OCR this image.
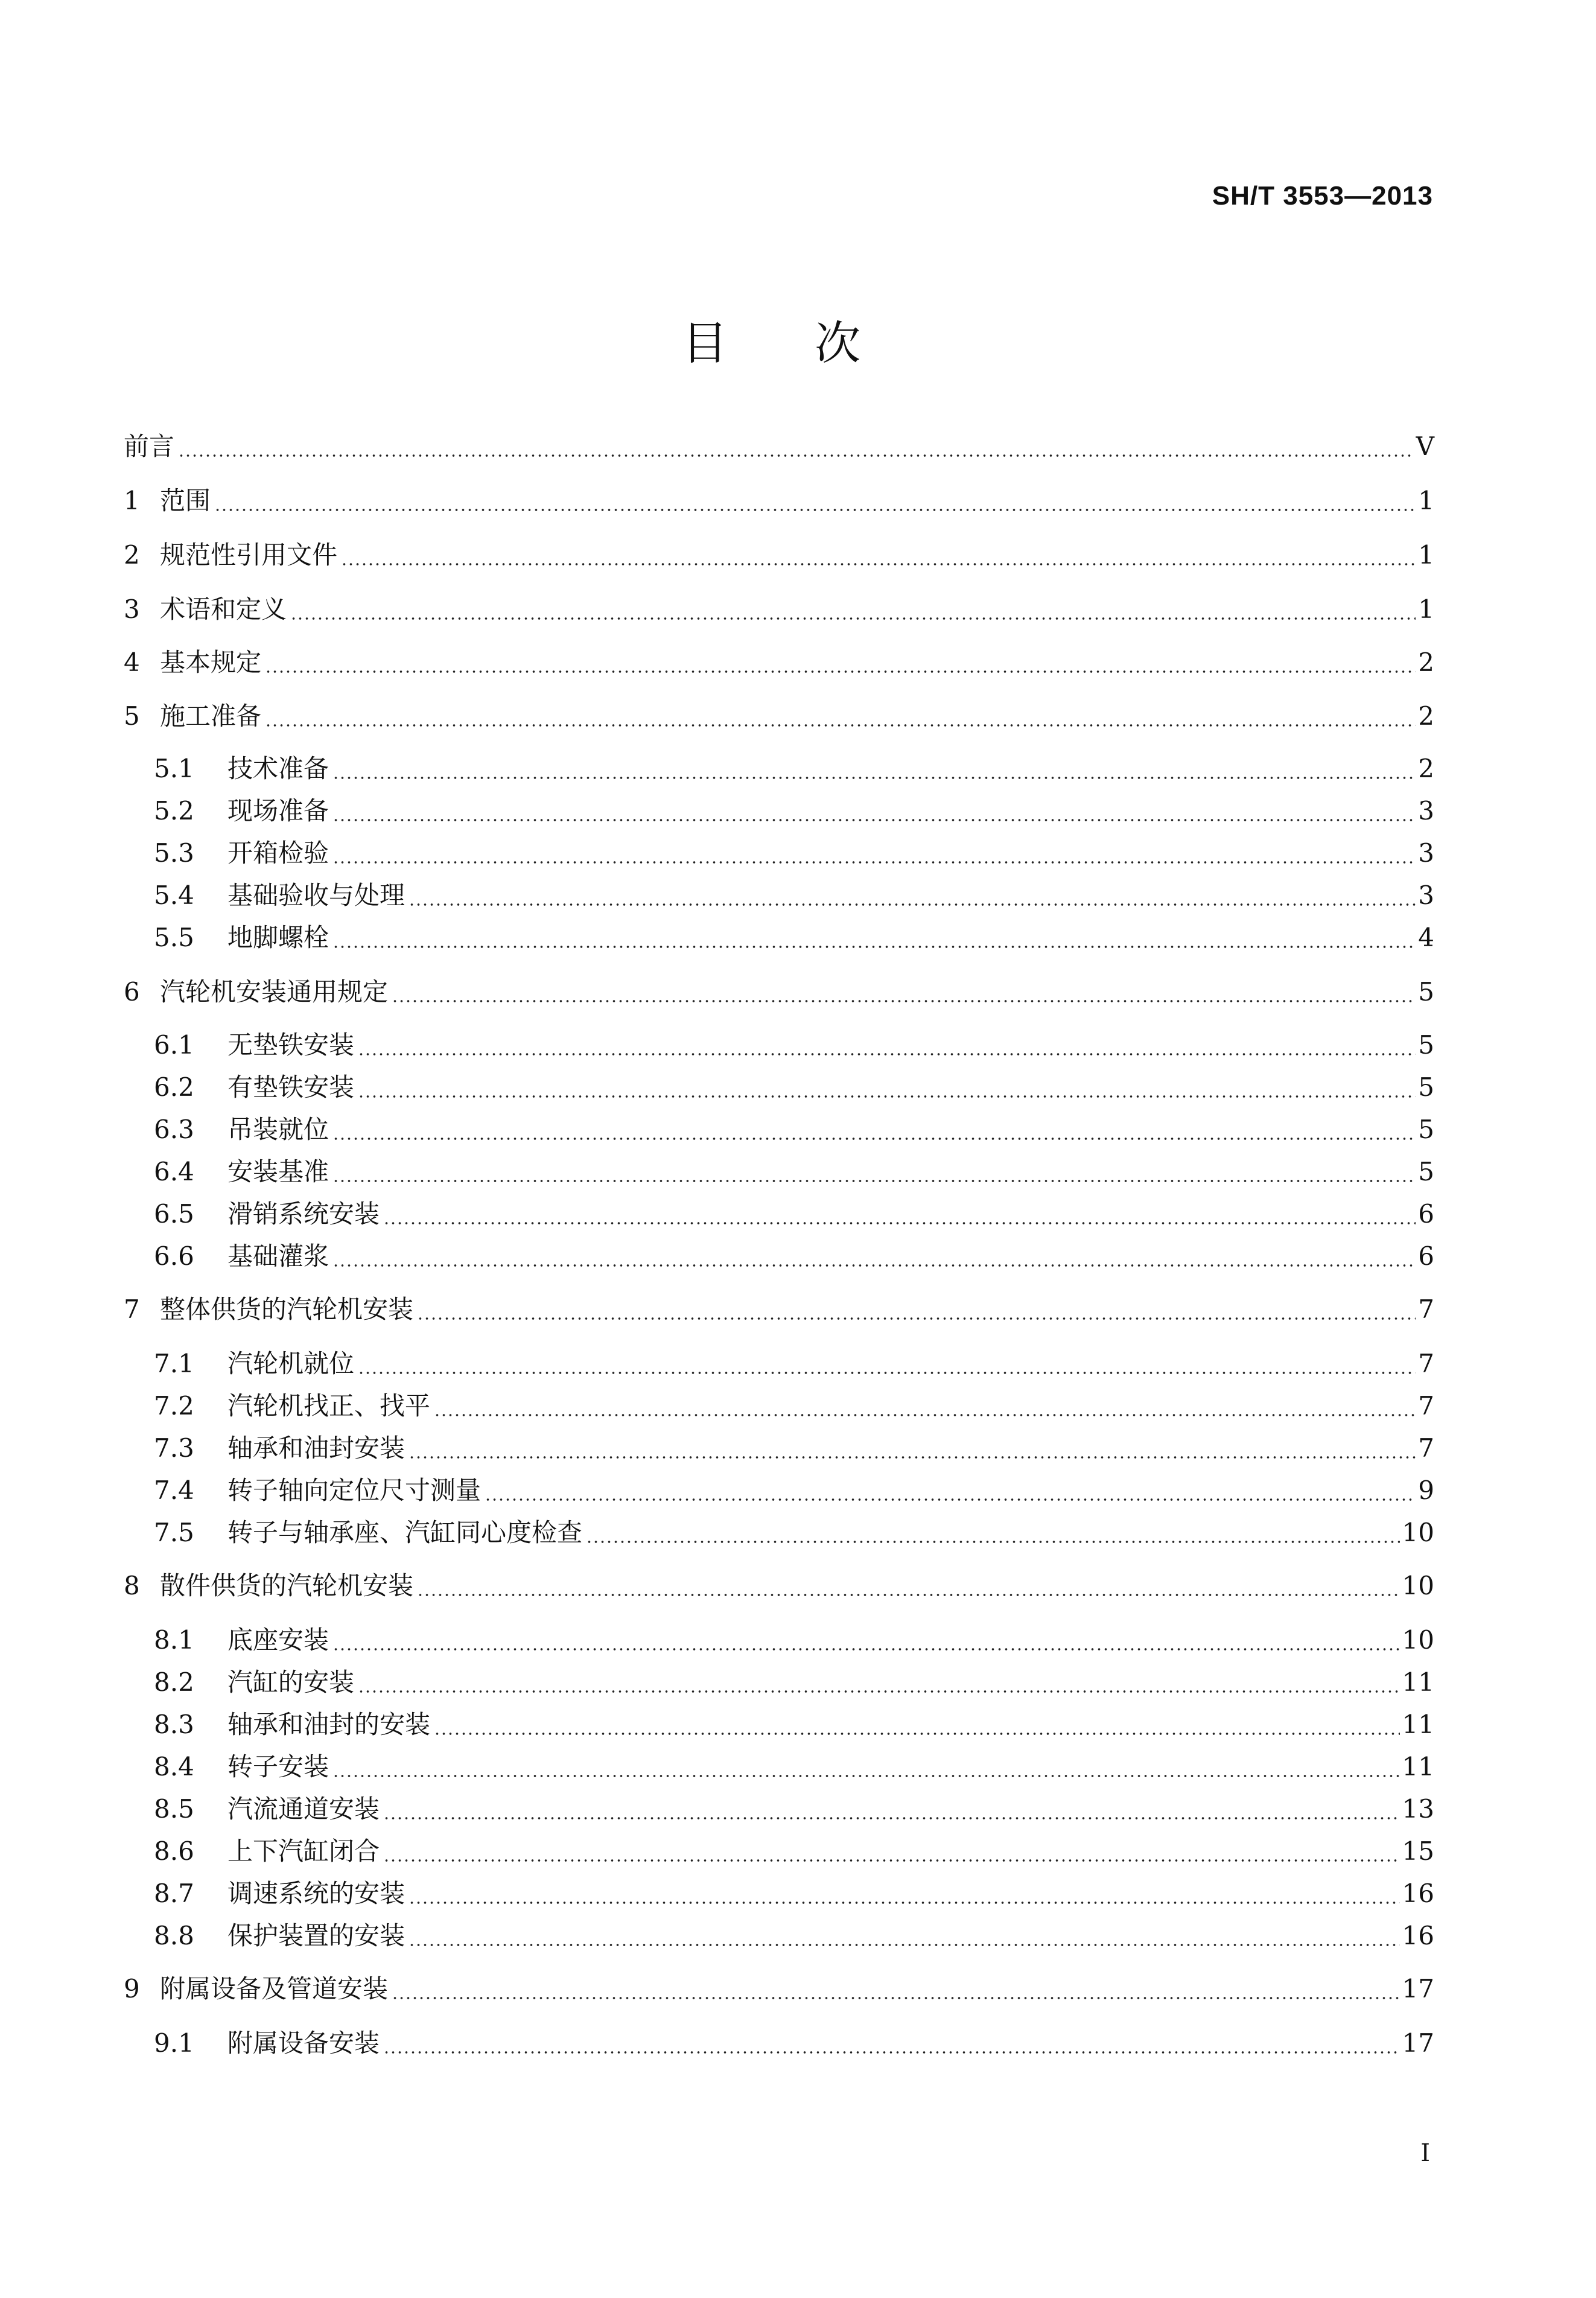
SH/T 3553—2013
目 次
前言	V
1 范围	1
2 规范性引用文件	1
3 术语和定义	1
4 基本规定	2
5 施工准备	2
5.1	技术准备	2
5.2	现场准备	3
5.3	开箱检验	3
5.4	基础验收与处理	3
5.5	地脚螺栓	4
6 汽轮机安装通用规定	5
6.1	无垫铁安装	5
6.2	有垫铁安装	5
6.3	吊装就位	5
6.4	安装基准	5
6.5	滑销系统安装	6
6.6	基础灌浆	6
7 整体供货的汽轮机安装	7
7.1	汽轮机就位	7
7.2	汽轮机找正、找平	7
7.3	轴承和油封安装	7
7.4	转子轴向定位尺寸测量	9
7.5	转子与轴承座、汽缸同心度检查	10
8 散件供货的汽轮机安装	10
8.1	底座安装	10
8.2	汽缸的安装	11
8.3	轴承和油封的安装	11
8.4	转子安装	11
8.5	汽流通道安装	13
8.6	上下汽缸闭合	15
8.7	调速系统的安装	16
8.8	保护装置的安装	16
9 附属设备及管道安装	17
9.1	附属设备安装	17
I
